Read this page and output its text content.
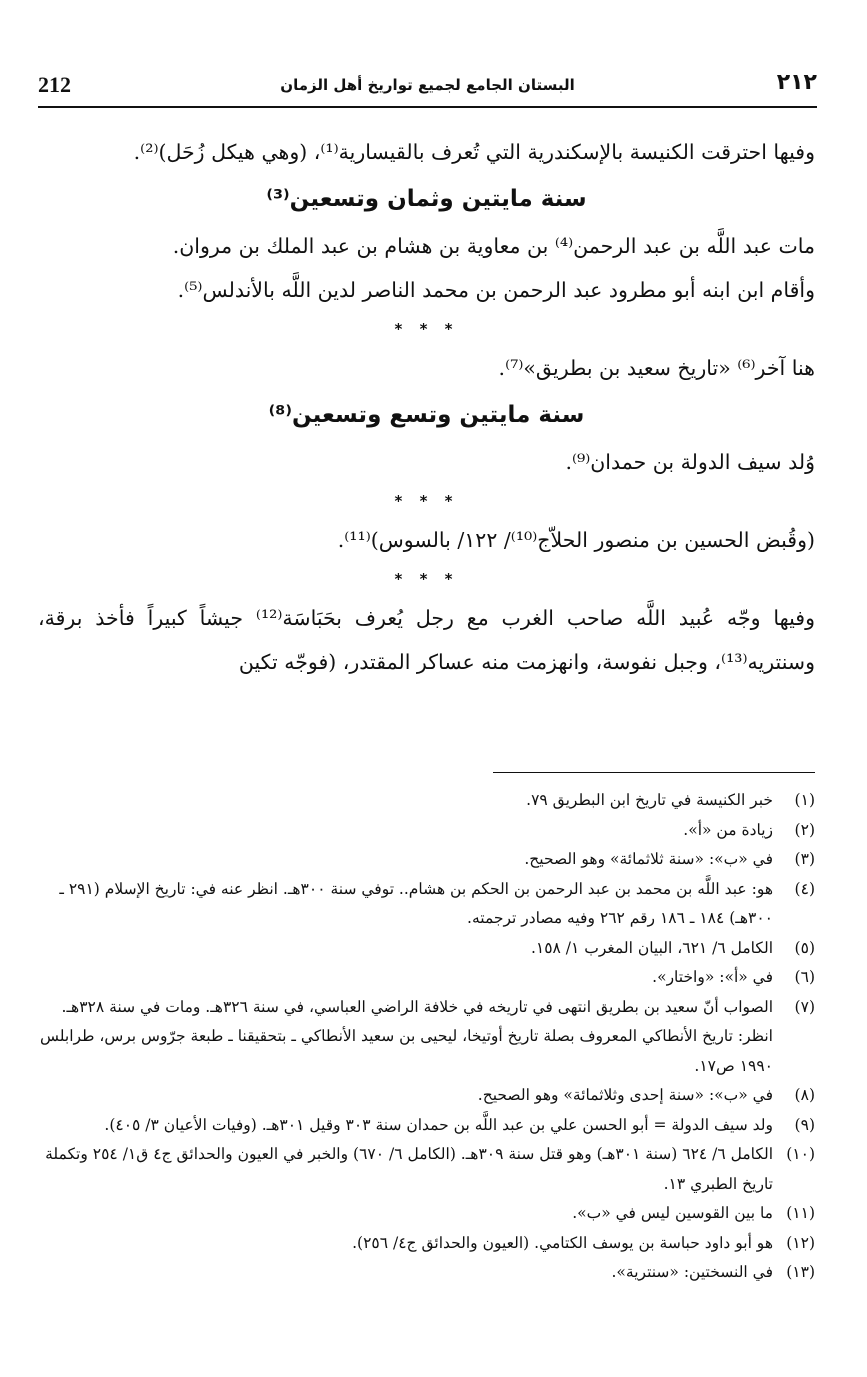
212	البستان الجامع لجميع تواريخ أهل الزمان	٢١٢

وفيها احترقت الكنيسة بالإسكندرية التي تُعرف بالقيسارية⁽¹⁾، (وهي هيكل زُحَل)⁽²⁾.

سنة مايتين وثمان وتسعين⁽³⁾

مات عبد اللَّه بن عبد الرحمن⁽⁴⁾ بن معاوية بن هشام بن عبد الملك بن مروان.

وأقام ابن ابنه أبو مطرود عبد الرحمن بن محمد الناصر لدين اللَّه بالأندلس⁽⁵⁾.

* * *

هنا آخر⁽⁶⁾ «تاريخ سعيد بن بطريق»⁽⁷⁾.

سنة مايتين وتسع وتسعين⁽⁸⁾

وُلد سيف الدولة بن حمدان⁽⁹⁾.

* * *

(وقُبض الحسين بن منصور الحلاّج⁽¹⁰⁾/ ١٢٢/ بالسوس)⁽¹¹⁾.

* * *

وفيها وجّه عُبيد اللَّه صاحب الغرب مع رجل يُعرف بحَبَاسَة⁽¹²⁾ جيشاً كبيراً فأخذ برقة، وسنتريه⁽¹³⁾، وجبل نفوسة، وانهزمت منه عساكر المقتدر، (فوجّه تكين

(١)
خبر الكنيسة في تاريخ ابن البطريق ٧٩.

(٢)
زيادة من «أ».

(٣)
في «ب»: «سنة ثلاثمائة» وهو الصحيح.

(٤)
هو: عبد اللَّه بن محمد بن عبد الرحمن بن الحكم بن هشام.. توفي سنة ٣٠٠هـ. انظر عنه في: تاريخ الإسلام (٢٩١ ـ ٣٠٠هـ) ١٨٤ ـ ١٨٦ رقم ٢٦٢ وفيه مصادر ترجمته.

(٥)
الكامل ٦/ ٦٢١، البيان المغرب ١/ ١٥٨.

(٦)
في «أ»: «واختار».

(٧)
الصواب أنّ سعيد بن بطريق انتهى في تاريخه في خلافة الراضي العباسي، في سنة ٣٢٦هـ. ومات في سنة ٣٢٨هـ. انظر: تاريخ الأنطاكي المعروف بصلة تاريخ أوتيخا، ليحيى بن سعيد الأنطاكي ـ بتحقيقنا ـ طبعة جرّوس برس، طرابلس ١٩٩٠ ص١٧.

(٨)
في «ب»: «سنة إحدى وثلاثمائة» وهو الصحيح.

(٩)
ولد سيف الدولة = أبو الحسن علي بن عبد اللَّه بن حمدان سنة ٣٠٣ وقيل ٣٠١هـ. (وفيات الأعيان ٣/ ٤٠٥).

(١٠)
الكامل ٦/ ٦٢٤ (سنة ٣٠١هـ) وهو قتل سنة ٣٠٩هـ. (الكامل ٦/ ٦٧٠) والخبر في العيون والحدائق ج٤ ق١/ ٢٥٤ وتكملة تاريخ الطبري ١٣.

(١١)
ما بين القوسين ليس في «ب».

(١٢)
هو أبو داود حباسة بن يوسف الكتامي. (العيون والحدائق ج٤/ ٢٥٦).

(١٣)
في النسختين: «سنترية».
